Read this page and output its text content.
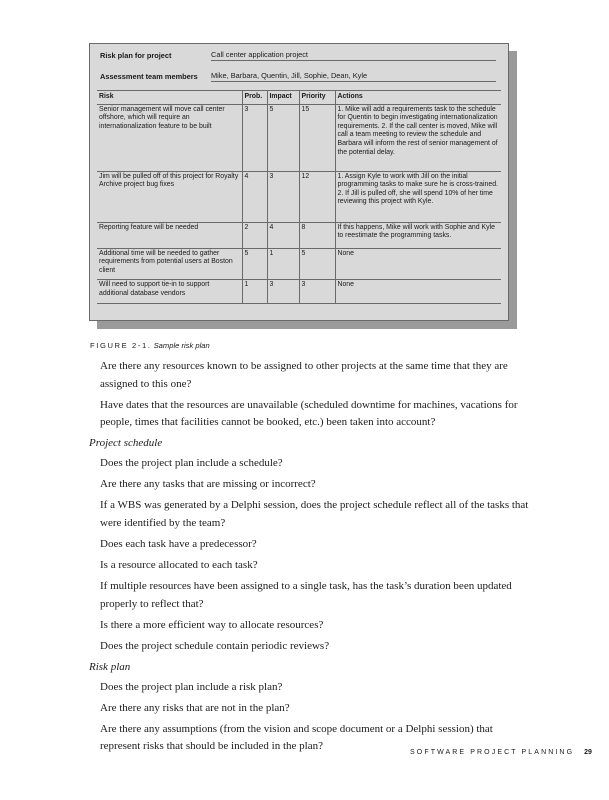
Risk plan for project	Call center application project
Assessment team members	Mike, Barbara, Quentin, Jill, Sophie, Dean, Kyle
Risk	Prob.	Impact	Priority	Actions
Senior management will move call center offshore, which will require an internationalization feature to be built	3	5	15	1. Mike will add a requirements task to the schedule for Quentin to begin investigating internationalization requirements. 2. If the call center is moved, Mike will call a team meeting to review the schedule and Barbara will inform the rest of senior management of the potential delay.
Jim will be pulled off of this project for Royalty Archive project bug fixes	4	3	12	1. Assign Kyle to work with Jill on the initial programming tasks to make sure he is cross-trained. 2. If Jill is pulled off, she will spend 10% of her time reviewing this project with Kyle.
Reporting feature will be needed	2	4	8	If this happens, Mike will work with Sophie and Kyle to reestimate the programming tasks.
Additional time will be needed to gather requirements from potential users at Boston client	5	1	5	None
Will need to support tie-in to support additional database vendors	1	3	3	None
FIGURE 2-1. Sample risk plan

Are there any resources known to be assigned to other projects at the same time that they are assigned to this one?

Have dates that the resources are unavailable (scheduled downtime for machines, vacations for people, times that facilities cannot be booked, etc.) been taken into account?

Project schedule

Does the project plan include a schedule?

Are there any tasks that are missing or incorrect?

If a WBS was generated by a Delphi session, does the project schedule reflect all of the tasks that were identified by the team?

Does each task have a predecessor?

Is a resource allocated to each task?

If multiple resources have been assigned to a single task, has the task’s duration been updated properly to reflect that?

Is there a more efficient way to allocate resources?

Does the project schedule contain periodic reviews?

Risk plan

Does the project plan include a risk plan?

Are there any risks that are not in the plan?

Are there any assumptions (from the vision and scope document or a Delphi session) that represent risks that should be included in the plan?

SOFTWARE PROJECT PLANNING 29
